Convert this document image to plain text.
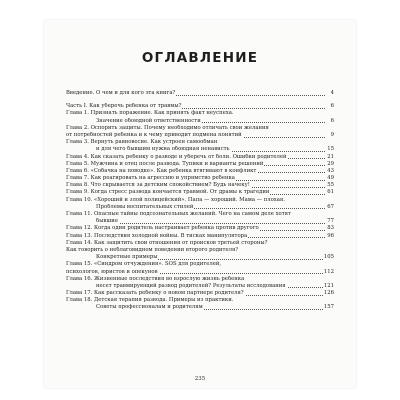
ОГЛАВЛЕНИЕ
Введение. О чем и для кого эта книга?	4
Часть I. Как уберечь ребенка от травмы?	6
Глава 1. Признать поражение. Как принять факт неуспеха.
Значение обоюдной ответственности	6
Глава 2. Оспорить защиты. Почему необходимо отличать свои желания
от потребностей ребенка и к чему приводит подмена понятий	9
Глава 3. Вернуть равновесие. Как устроен самообман
и для чего бывшим нужна обоюдная ненависть	15
Глава 4. Как сказать ребенку о разводе и уберечь от боли. Ошибки родителей	21
Глава 5. Мужчина и отец после развода. Тупики и варианты решений	29
Глава 6. «Собачка на поводке». Как ребенка втягивают в конфликт	43
Глава 7. Как реагировать на агрессию и упрямство ребенка	49
Глава 8. Что скрывается за детским спокойствием? Будь начеку!	55
Глава 9. Когда стресс развода кончается травмой. От драмы к трагедии	61
Глава 10. «Хороший и злой полицейский». Папа — хороший. Мама — плохая.
Проблемы воспитательных стилей	67
Глава 11. Опасные тайны подсознательных желаний. Чего на самом деле хотят
бывшие	77
Глава 12. Когда один родитель настраивает ребенка против другого	83
Глава 13. Последствия холодной войны. В тисках манипулятора	96
Глава 14. Как защитить свои отношения от происков третьей стороны?
Как говорить о неблаговидном поведении второго родителя?
Конкретные примеры	105
Глава 15. «Синдром отчуждения». SOS для родителей,
психологов, юристов и опекунов	112
Глава 16. Жизненные последствия во взрослую жизнь ребенка
несет травмирующий развод родителей? Результаты исследования	121
Глава 17. Как рассказать ребенку о новом партнере родителя?	126
Глава 18. Детская терапия развода. Примеры из практики.
Советы профессионалам и родителям	157
235
